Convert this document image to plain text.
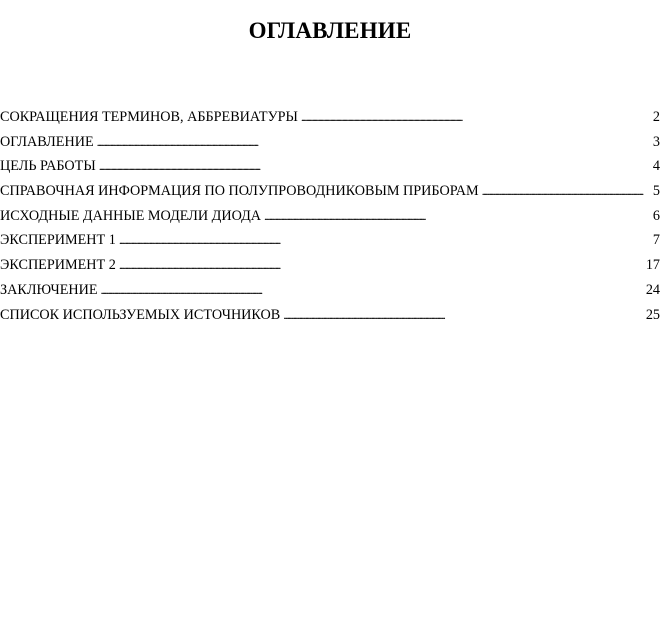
ОГЛАВЛЕНИЕ
СОКРАЩЕНИЯ ТЕРМИНОВ, АББРЕВИАТУРЫ . . .	2
ОГЛАВЛЕНИЕ . . .	3
ЦЕЛЬ РАБОТЫ . . .	4
СПРАВОЧНАЯ ИНФОРМАЦИЯ ПО ПОЛУПРОВОДНИКОВЫМ ПРИБОРАМ . . .	5
ИСХОДНЫЕ ДАННЫЕ МОДЕЛИ ДИОДА . . .	6
ЭКСПЕРИМЕНТ 1 . . .	7
ЭКСПЕРИМЕНТ 2 . . .	17
ЗАКЛЮЧЕНИЕ . . .	24
СПИСОК ИСПОЛЬЗУЕМЫХ ИСТОЧНИКОВ . . .	25
